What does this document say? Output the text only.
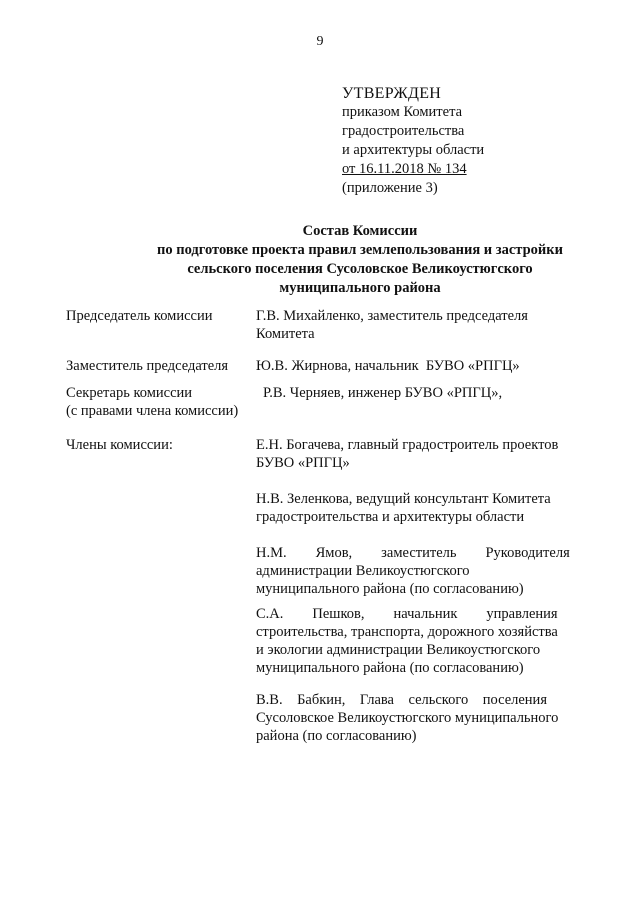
9
УТВЕРЖДЕН
приказом Комитета
градостроительства
и архитектуры области
от 16.11.2018 № 134
(приложение 3)
Состав Комиссии
по подготовке проекта правил землепользования и застройки
сельского поселения Сусоловское Великоустюгского
муниципального района
Председатель комиссии	Г.В. Михайленко, заместитель председателя
Комитета
Заместитель председателя	Ю.В. Жирнова, начальник  БУВО «РПГЦ»
Секретарь комиссии
(с правами члена комиссии)
Р.В. Черняев, инженер БУВО «РПГЦ»,
Члены комиссии:	Е.Н. Богачева, главный градостроитель проектов
БУВО «РПГЦ»
Н.В. Зеленкова, ведущий консультант Комитета
градостроительства и архитектуры области
Н.М.        Ямов,        заместитель        Руководителя
администрации Великоустюгского
муниципального района (по согласованию)
С.А.        Пешков,        начальник        управления
строительства, транспорта, дорожного хозяйства
и экологии администрации Великоустюгского
муниципального района (по согласованию)
В.В.    Бабкин,    Глава    сельского    поселения
Сусоловское Великоустюгского муниципального
района (по согласованию)
